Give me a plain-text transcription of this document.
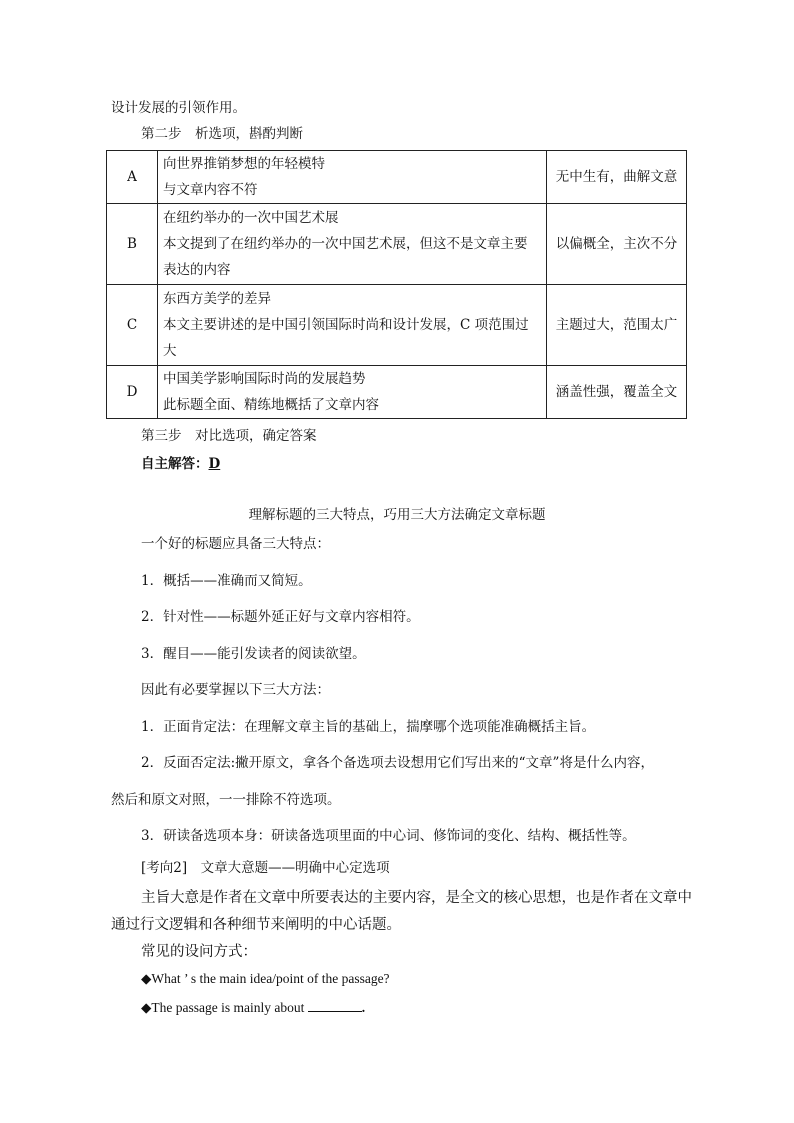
设计发展的引领作用。
第二步　析选项，斟酌判断
A	向世界推销梦想的年轻模特
与文章内容不符	无中生有，曲解文意
B	在纽约举办的一次中国艺术展
本文提到了在纽约举办的一次中国艺术展，但这不是文章主要
表达的内容	以偏概全，主次不分
C	东西方美学的差异
本文主要讲述的是中国引领国际时尚和设计发展，C 项范围过
大	主题过大，范围太广
D	中国美学影响国际时尚的发展趋势
此标题全面、精练地概括了文章内容	涵盖性强，覆盖全文
第三步　对比选项，确定答案
自主解答：D
理解标题的三大特点，巧用三大方法确定文章标题
一个好的标题应具备三大特点：
1．概括——准确而又简短。
2．针对性——标题外延正好与文章内容相符。
3．醒目——能引发读者的阅读欲望。
因此有必要掌握以下三大方法：
1．正面肯定法：在理解文章主旨的基础上，揣摩哪个选项能准确概括主旨。
2．反面否定法:撇开原文，拿各个备选项去设想用它们写出来的“文章”将是什么内容，
然后和原文对照，一一排除不符选项。
3．研读备选项本身：研读备选项里面的中心词、修饰词的变化、结构、概括性等。
[考向2]　 文章大意题——明确中心定选项
主旨大意是作者在文章中所要表达的主要内容，是全文的核心思想，也是作者在文章中
通过行文逻辑和各种细节来阐明的中心话题。
常见的设问方式：
◆What ’ s the main idea/point of the passage?
◆The passage is mainly about	.
